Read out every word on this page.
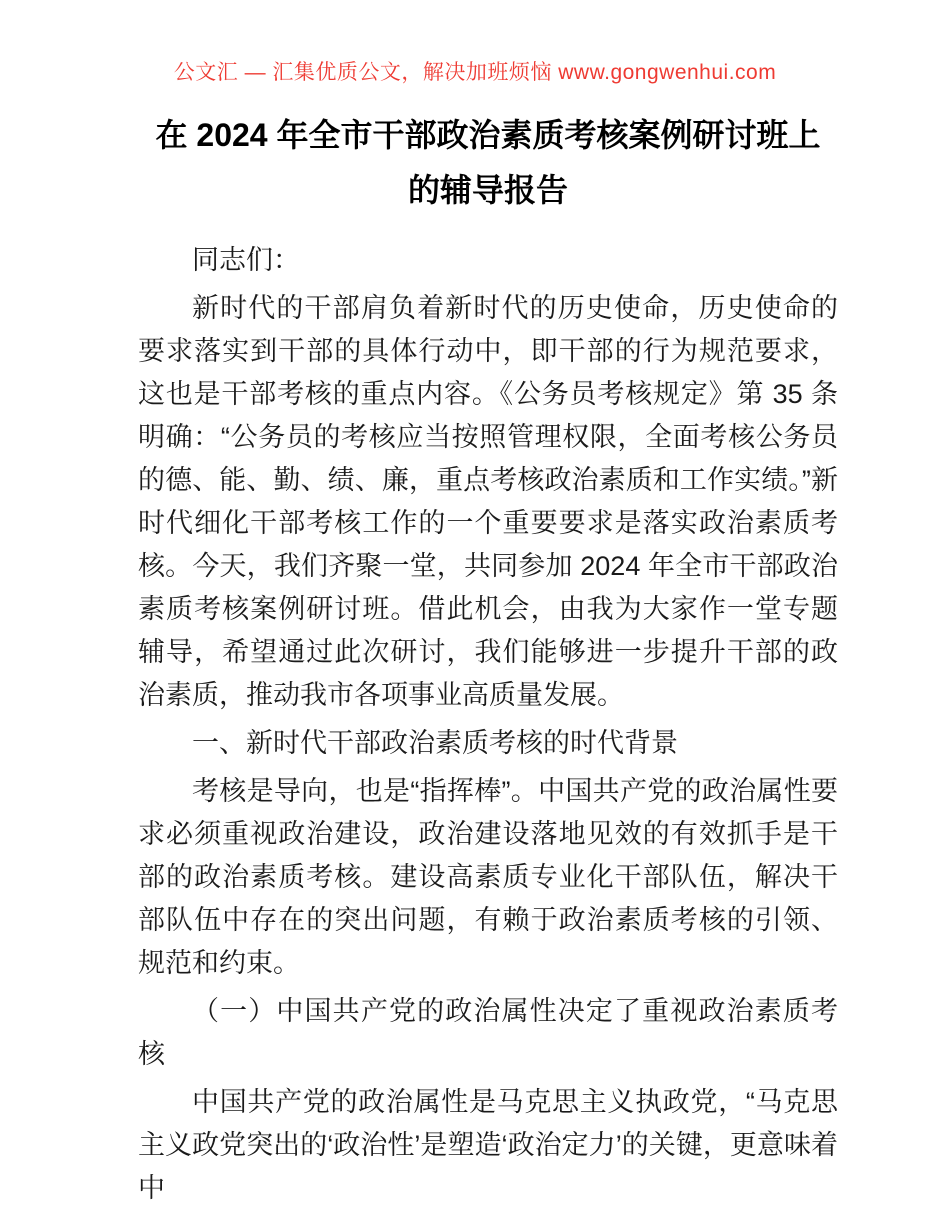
公文汇 — 汇集优质公文，解决加班烦恼 www.gongwenhui.com
在 2024 年全市干部政治素质考核案例研讨班上
的辅导报告

同志们：

新时代的干部肩负着新时代的历史使命，历史使命的要求落实到干部的具体行动中，即干部的行为规范要求，这也是干部考核的重点内容。《公务员考核规定》第 35 条明确：“公务员的考核应当按照管理权限，全面考核公务员的德、能、勤、绩、廉，重点考核政治素质和工作实绩。”新时代细化干部考核工作的一个重要要求是落实政治素质考核。今天，我们齐聚一堂，共同参加 2024 年全市干部政治素质考核案例研讨班。借此机会，由我为大家作一堂专题辅导，希望通过此次研讨，我们能够进一步提升干部的政治素质，推动我市各项事业高质量发展。

一、新时代干部政治素质考核的时代背景

考核是导向，也是“指挥棒”。中国共产党的政治属性要求必须重视政治建设，政治建设落地见效的有效抓手是干部的政治素质考核。建设高素质专业化干部队伍，解决干部队伍中存在的突出问题，有赖于政治素质考核的引领、规范和约束。

（一）中国共产党的政治属性决定了重视政治素质考核

中国共产党的政治属性是马克思主义执政党，“马克思主义政党突出的‘政治性’是塑造‘政治定力’的关键，更意味着中
